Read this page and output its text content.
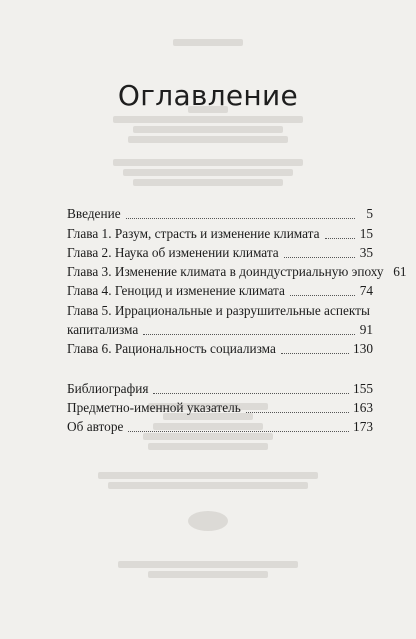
Оглавление
Введение	5
Глава 1. Разум, страсть и изменение климата	15
Глава 2. Наука об изменении климата	35
Глава 3. Изменение климата в доиндустриальную эпоху 61
Глава 4. Геноцид и изменение климата	74
Глава 5. Иррациональные и разрушительные аспекты
капитализма	91
Глава 6. Рациональность социализма	130
Библиография	155
Предметно-именной указатель	163
Об авторе	173
